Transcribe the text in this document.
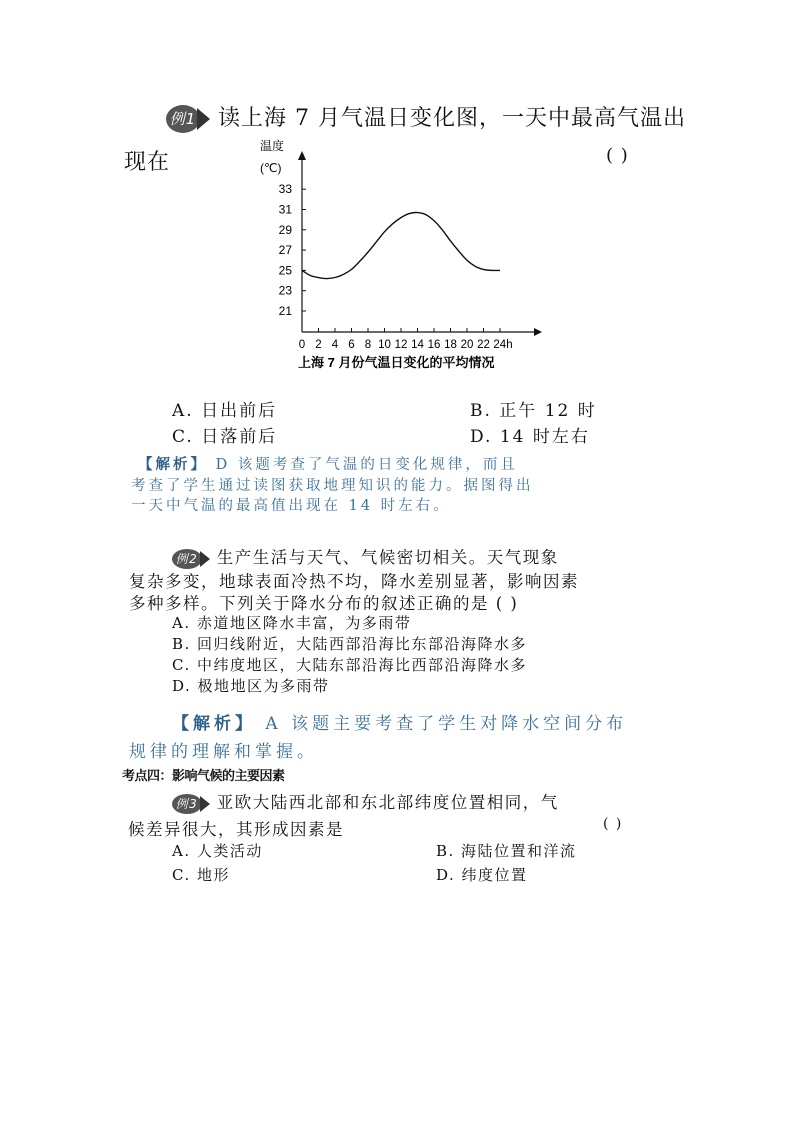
例1 读上海 7 月气温日变化图，一天中最高气温出
现在	( )
温度
(℃)
21
23
25
27
29
31
33
0 2 4 6 8 10 12 14 16 18 20 22 24h
上海 7 月份气温日变化的平均情况
A. 日出前后	B. 正午 12 时
C. 日落前后	D. 14 时左右
【解析】 D 该题考查了气温的日变化规律，而且
考查了学生通过读图获取地理知识的能力。据图得出
一天中气温的最高值出现在 14 时左右。
例2 生产生活与天气、气候密切相关。天气现象
复杂多变，地球表面冷热不均，降水差别显著，影响因素
多种多样。下列关于降水分布的叙述正确的是 ( )
A. 赤道地区降水丰富，为多雨带
B. 回归线附近，大陆西部沿海比东部沿海降水多
C. 中纬度地区，大陆东部沿海比西部沿海降水多
D. 极地地区为多雨带
【解析】 A 该题主要考查了学生对降水空间分布
规律的理解和掌握。
考点四：影响气候的主要因素
例3 亚欧大陆西北部和东北部纬度位置相同，气
候差异很大，其形成因素是	( )
A. 人类活动	B. 海陆位置和洋流
C. 地形	D. 纬度位置
